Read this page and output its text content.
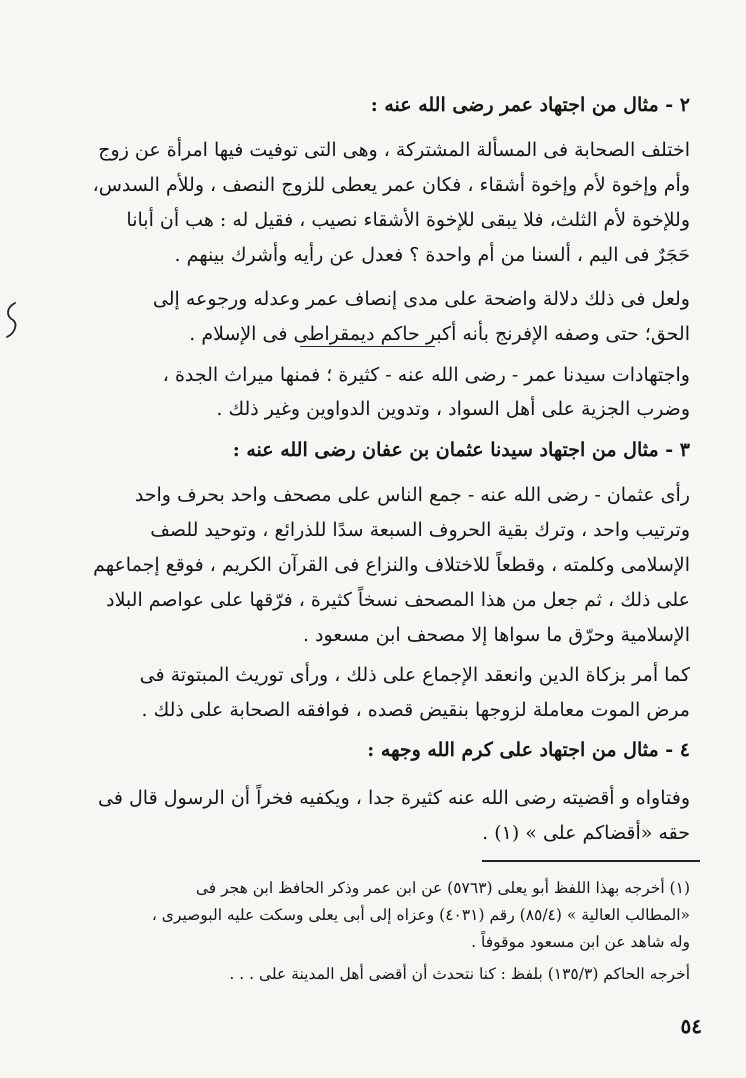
٢ - مثال من اجتهاد عمر رضى الله عنه :
اختلف الصحابة فى المسألة المشتركة ، وهى التى توفيت فيها امرأة عن زوج
وأم وإخوة لأم وإخوة أشقاء ، فكان عمر يعطى للزوج النصف ، وللأم السدس،
وللإخوة لأم الثلث، فلا يبقى للإخوة الأشقاء نصيب ، فقيل له : هب أن أبانا
حَجَرٌ فى اليم ، ألسنا من أم واحدة ؟ فعدل عن رأيه وأشرك بينهم .
ولعل فى ذلك دلالة واضحة على مدى إنصاف عمر وعدله ورجوعه إلى
الحق؛ حتى وصفه الإفرنج بأنه أكبر حاكم ديمقراطى فى الإسلام .
واجتهادات سيدنا عمر - رضى الله عنه - كثيرة ؛ فمنها ميراث الجدة ،
وضرب الجزية على أهل السواد ، وتدوين الدواوين وغير ذلك .
٣ - مثال من اجتهاد سيدنا عثمان بن عفان رضى الله عنه :
رأى عثمان - رضى الله عنه - جمع الناس على مصحف واحد بحرف واحد
وترتيب واحد ، وترك بقية الحروف السبعة سدًا للذرائع ، وتوحيد للصف
الإسلامى وكلمته ، وقطعاً للاختلاف والنزاع فى القرآن الكريم ، فوقع إجماعهم
على ذلك ، ثم جعل من هذا المصحف نسخاً كثيرة ، فرّقها على عواصم البلاد
الإسلامية وحرّق ما سواها إلا مصحف ابن مسعود .
كما أمر بزكاة الدين وانعقد الإجماع على ذلك ، ورأى توريث المبتوتة فى
مرض الموت معاملة لزوجها بنقيض قصده ، فوافقه الصحابة على ذلك .
٤ - مثال من اجتهاد على كرم الله وجهه :
وفتاواه و أقضيته رضى الله عنه كثيرة جدا ، ويكفيه فخراً أن الرسول قال فى
حقه «أقضاكم على » (١) .
(١) أخرجه بهذا اللفظ أبو يعلى (٥٧٦٣) عن ابن عمر وذكر الحافظ ابن هجر فى
«المطالب العالية » (٨٥/٤) رقم (٤٠٣١) وعزاه إلى أبى يعلى وسكت عليه البوصيرى ،
وله شاهد عن ابن مسعود موقوفاً .
أخرجه الحاكم (١٣٥/٣) بلفظ : كنا نتحدث أن أقضى أهل المدينة على . . .
٥٤
